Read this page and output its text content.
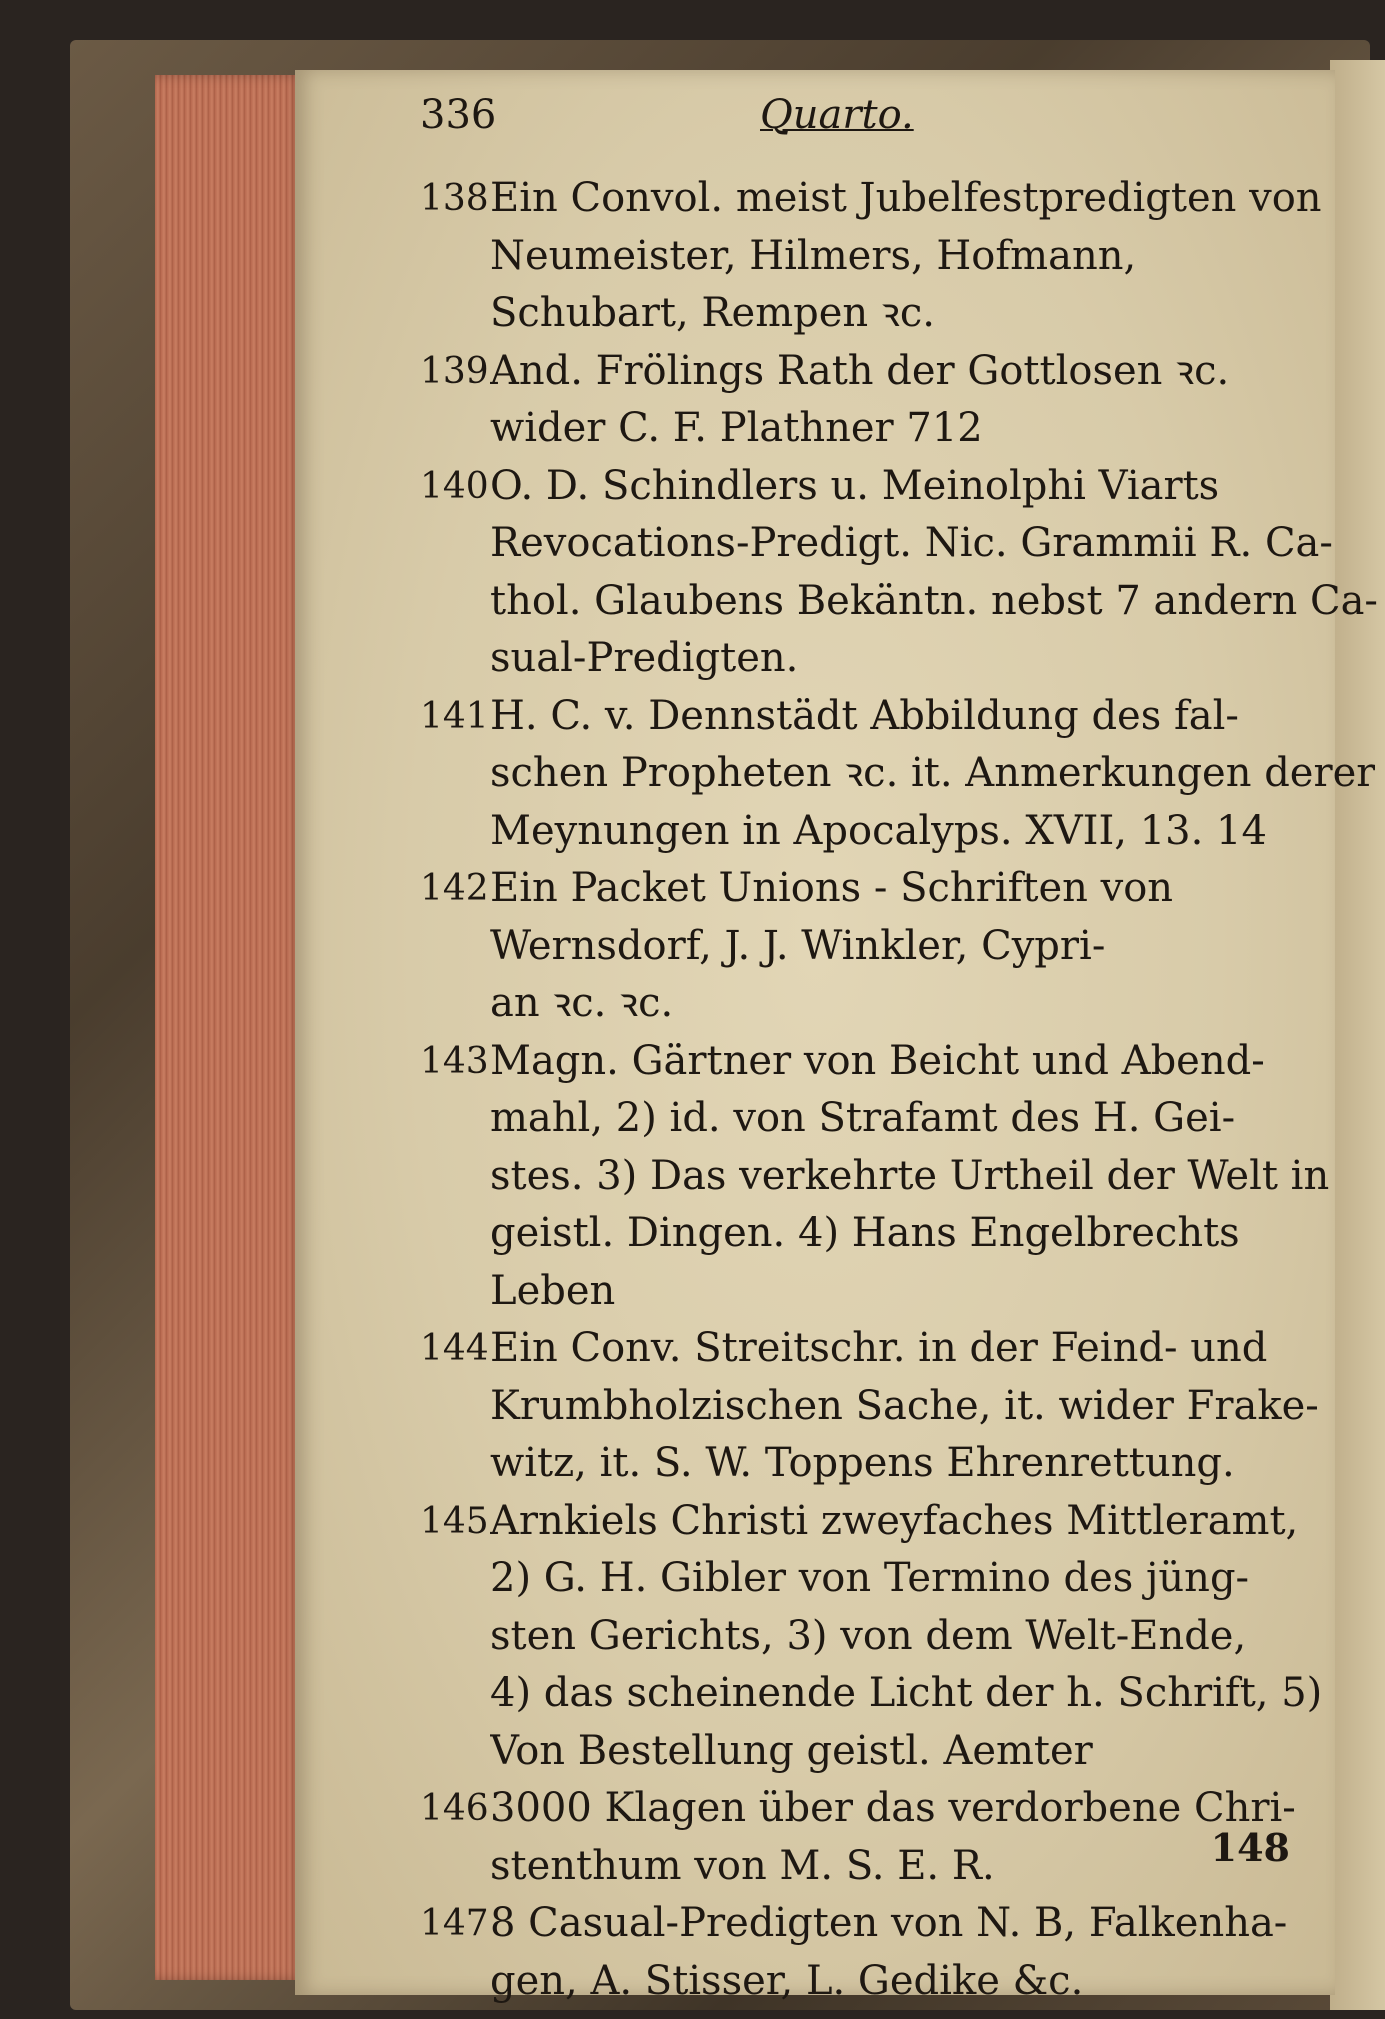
336	Quarto.
138 Ein Convol. meist Jubelfestpredigten von
Neumeister, Hilmers, Hofmann,
Schubart, Rempen ꝛc.
139 And. Frölings Rath der Gottlosen ꝛc.
wider C. F. Plathner 712
140 O. D. Schindlers u. Meinolphi Viarts
Revocations-Predigt. Nic. Grammii R. Ca-
thol. Glaubens Bekäntn. nebst 7 andern Ca-
sual-Predigten.
141 H. C. v. Dennstädt Abbildung des fal-
schen Propheten ꝛc. it. Anmerkungen derer
Meynungen in Apocalyps. XVII, 13. 14
142 Ein Packet Unions - Schriften von
Wernsdorf, J. J. Winkler, Cypri-
an ꝛc. ꝛc.
143 Magn. Gärtner von Beicht und Abend-
mahl, 2) id. von Strafamt des H. Gei-
stes. 3) Das verkehrte Urtheil der Welt in
geistl. Dingen. 4) Hans Engelbrechts
Leben
144 Ein Conv. Streitschr. in der Feind- und
Krumbholzischen Sache, it. wider Frake-
witz, it. S. W. Toppens Ehrenrettung.
145 Arnkiels Christi zweyfaches Mittleramt,
2) G. H. Gibler von Termino des jüng-
sten Gerichts, 3) von dem Welt-Ende,
4) das scheinende Licht der h. Schrift, 5)
Von Bestellung geistl. Aemter
146 3000 Klagen über das verdorbene Chri-
stenthum von M. S. E. R.
147 8 Casual-Predigten von N. B, Falkenha-
gen, A. Stisser, L. Gedike &c.
148
